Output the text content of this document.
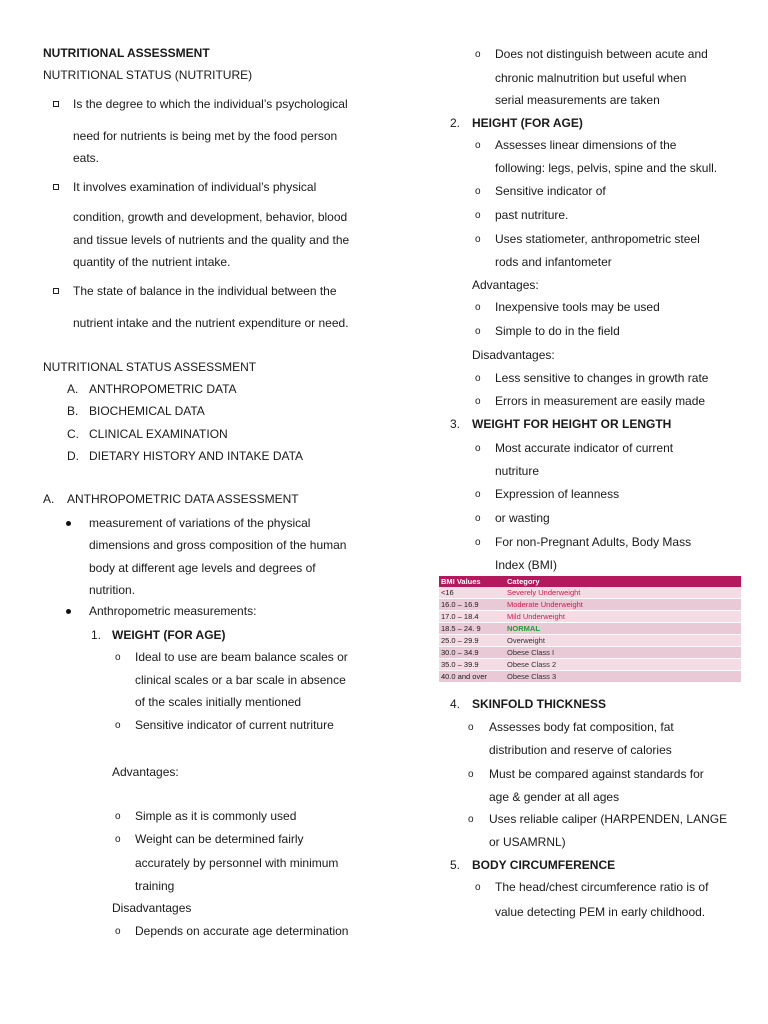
NUTRITIONAL ASSESSMENT
NUTRITIONAL STATUS (NUTRITURE)
Is the degree to which the individual’s psychological
need for nutrients is being met by the food person
eats.
It involves examination of individual’s physical
condition, growth and development, behavior, blood
and tissue levels of nutrients and the quality and the
quantity of the nutrient intake.
The state of balance in the individual between the
nutrient intake and the nutrient expenditure or need.
NUTRITIONAL STATUS ASSESSMENT
A. ANTHROPOMETRIC DATA
B. BIOCHEMICAL DATA
C. CLINICAL EXAMINATION
D. DIETARY HISTORY AND INTAKE DATA
A. ANTHROPOMETRIC DATA ASSESSMENT
measurement of variations of the physical
dimensions and gross composition of the human
body at different age levels and degrees of
nutrition.
Anthropometric measurements:
1. WEIGHT (FOR AGE)
o Ideal to use are beam balance scales or
clinical scales or a bar scale in absence
of the scales initially mentioned
o Sensitive indicator of current nutriture
Advantages:
o Simple as it is commonly used
o Weight can be determined fairly
accurately by personnel with minimum
training
Disadvantages
o Depends on accurate age determination
o Does not distinguish between acute and
chronic malnutrition but useful when
serial measurements are taken
2. HEIGHT (FOR AGE)
o Assesses linear dimensions of the
following: legs, pelvis, spine and the skull.
o Sensitive indicator of
o past nutriture.
o Uses statiometer, anthropometric steel
rods and infantometer
Advantages:
o Inexpensive tools may be used
o Simple to do in the field
Disadvantages:
o Less sensitive to changes in growth rate
o Errors in measurement are easily made
3. WEIGHT FOR HEIGHT OR LENGTH
o Most accurate indicator of current
nutriture
o Expression of leanness
o or wasting
o For non-Pregnant Adults, Body Mass
Index (BMI)
BMI Values	Category
<16	Severely Underweight
16.0 – 16.9	Moderate Underweight
17.0 – 18.4	Mild Underweight
18.5 – 24. 9	NORMAL
25.0 – 29.9	Overweight
30.0 – 34.9	Obese Class I
35.0 – 39.9	Obese Class 2
40.0 and over	Obese Class 3
4. SKINFOLD THICKNESS
o Assesses body fat composition, fat
distribution and reserve of calories
o Must be compared against standards for
age & gender at all ages
o Uses reliable caliper (HARPENDEN, LANGE
or USAMRNL)
5. BODY CIRCUMFERENCE
o The head/chest circumference ratio is of
value detecting PEM in early childhood.
